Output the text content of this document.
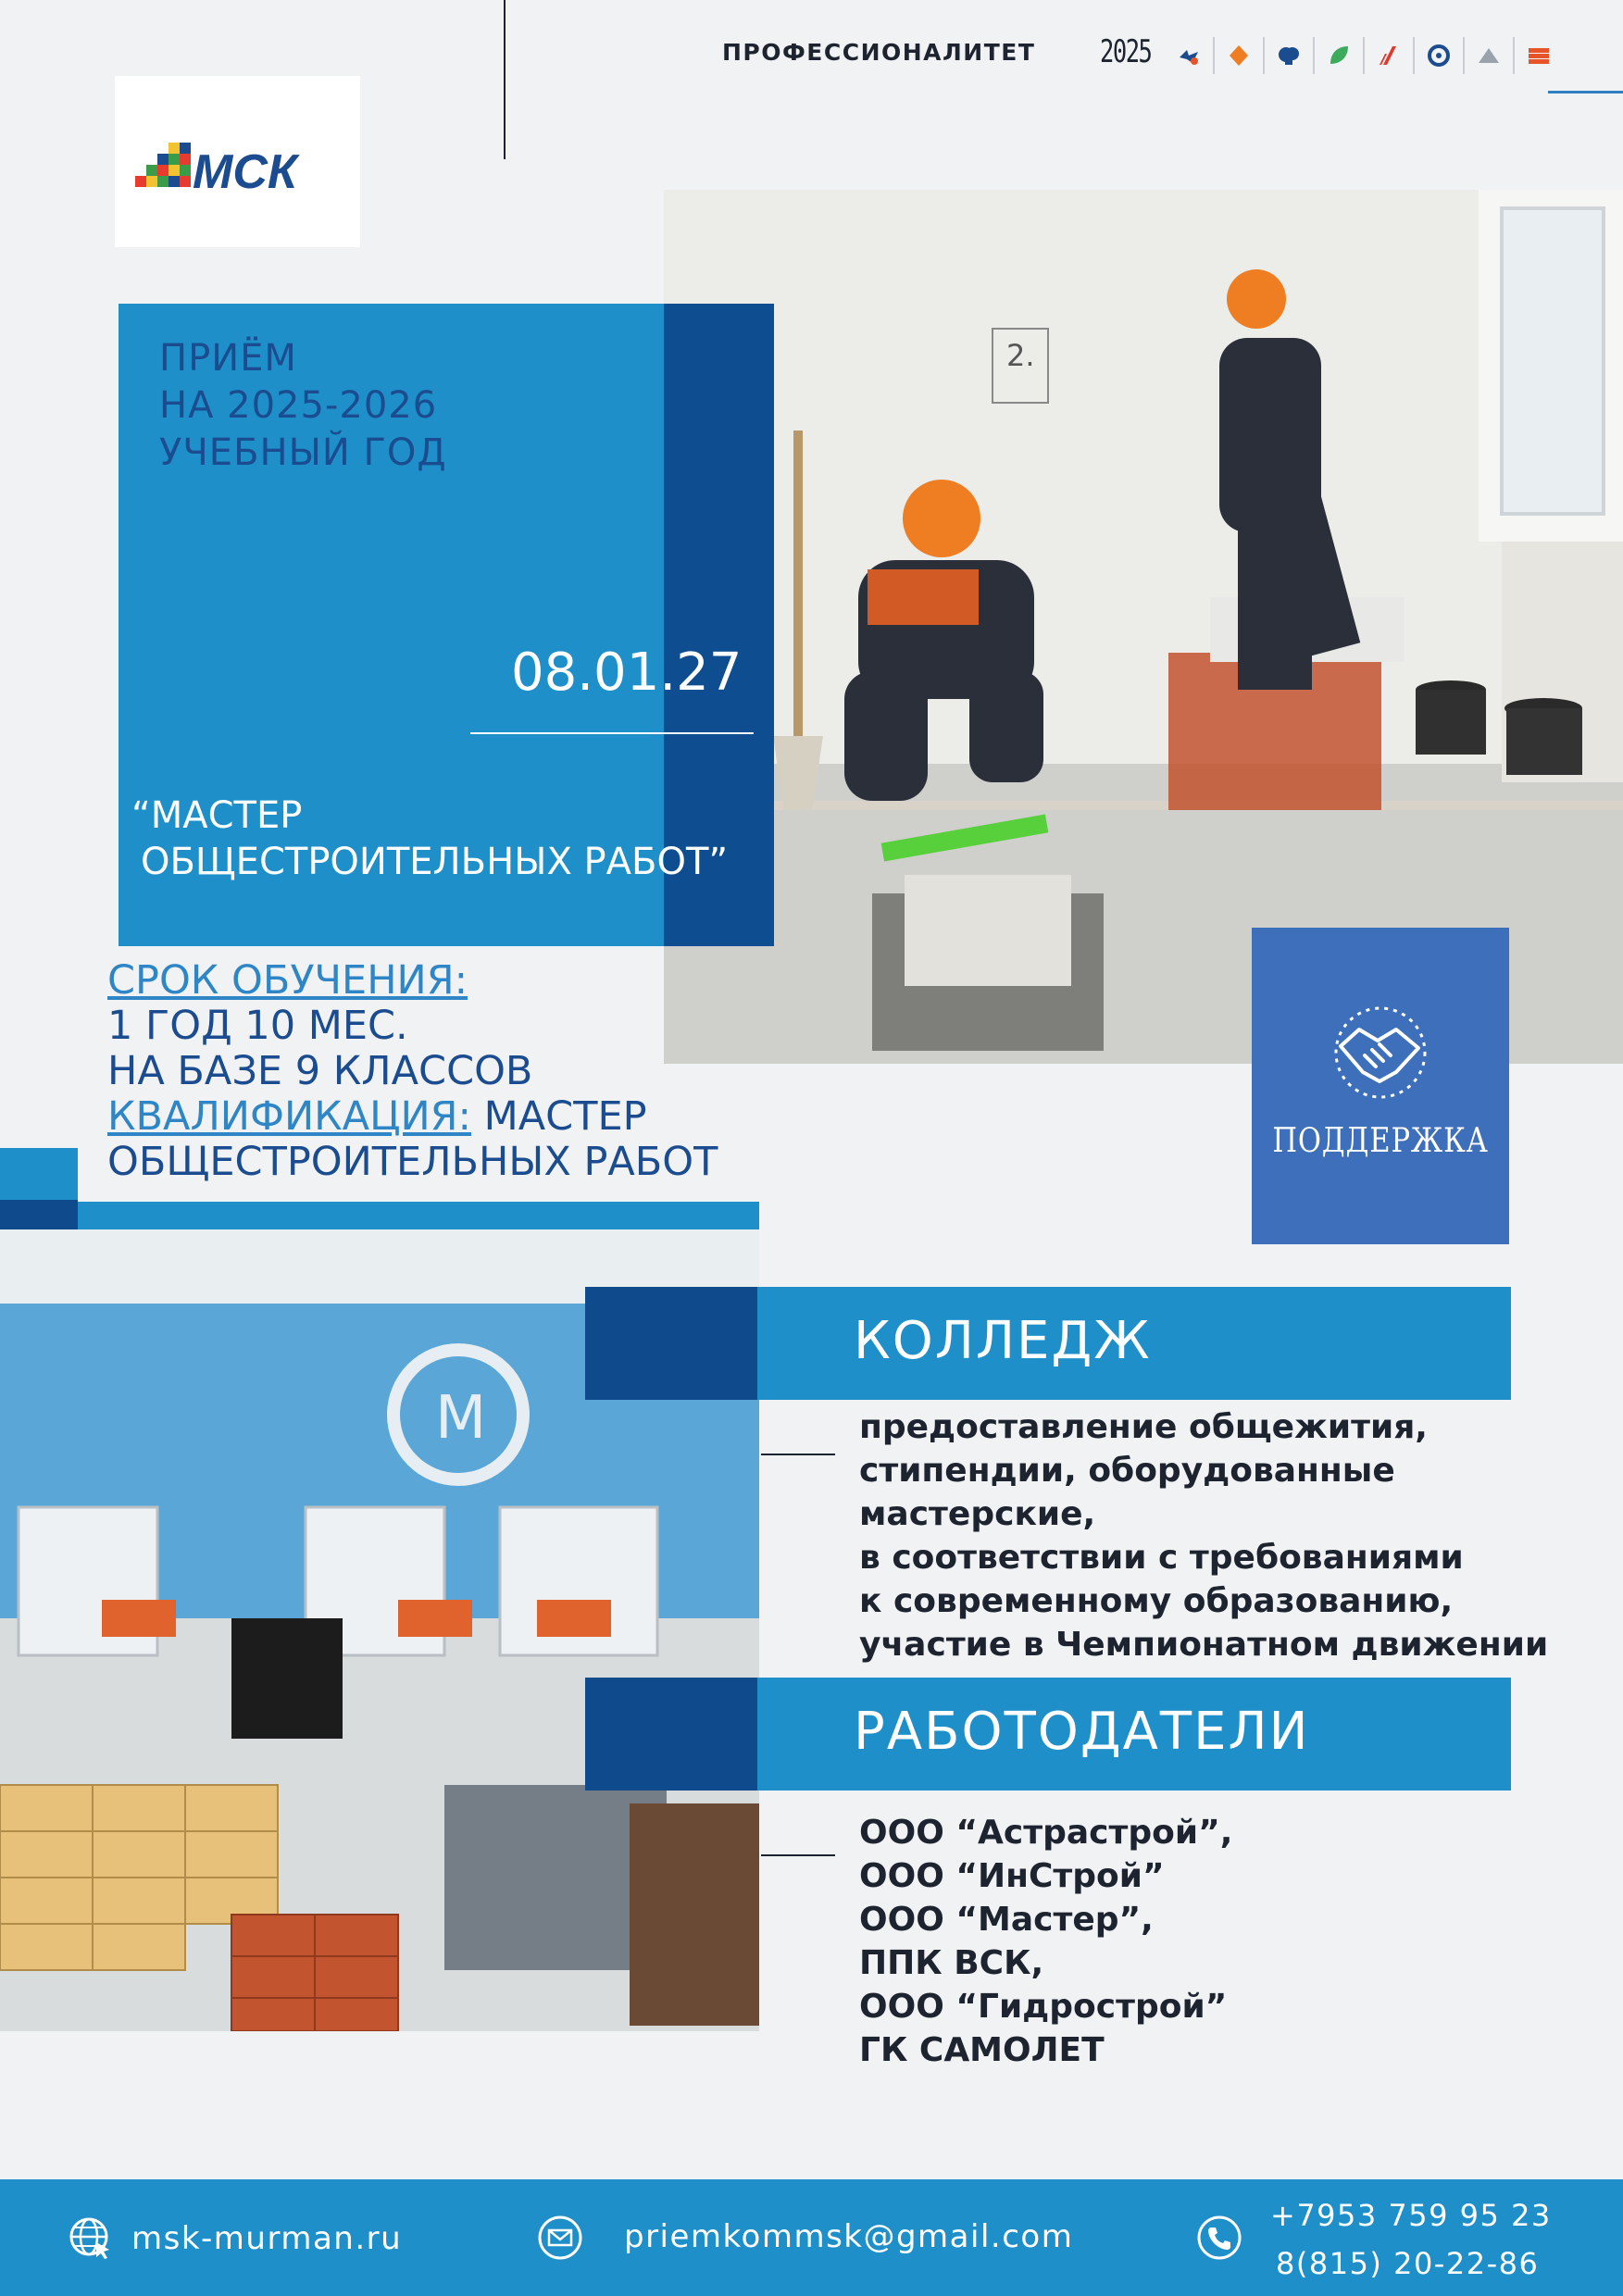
ПРОФЕССИОНАЛИТЕТ 2025
МСК
2.
ПРИЁМ
НА 2025-2026
УЧЕБНЫЙ ГОД
08.01.27
“МАСТЕР
ОБЩЕСТРОИТЕЛЬНЫХ РАБОТ”
СРОК ОБУЧЕНИЯ:
1 ГОД 10 МЕС.
НА БАЗЕ 9 КЛАССОВ
КВАЛИФИКАЦИЯ: МАСТЕР
ОБЩЕСТРОИТЕЛЬНЫХ РАБОТ	ПОДДЕРЖКА
M
КОЛЛЕДЖ
предоставление общежития,
стипендии, оборудованные
мастерские,
в соответствии с требованиями
к современному образованию,
участие в Чемпионатном движении
РАБОТОДАТЕЛИ
ООО “Астрастрой”,
ООО “ИнСтрой”
ООО “Мастер”,
ППК ВСК,
ООО “Гидрострой”
ГК САМОЛЕТ
msk-murman.ru	priemkommsk@gmail.com
+7953 759 95 23
8(815) 20-22-86
